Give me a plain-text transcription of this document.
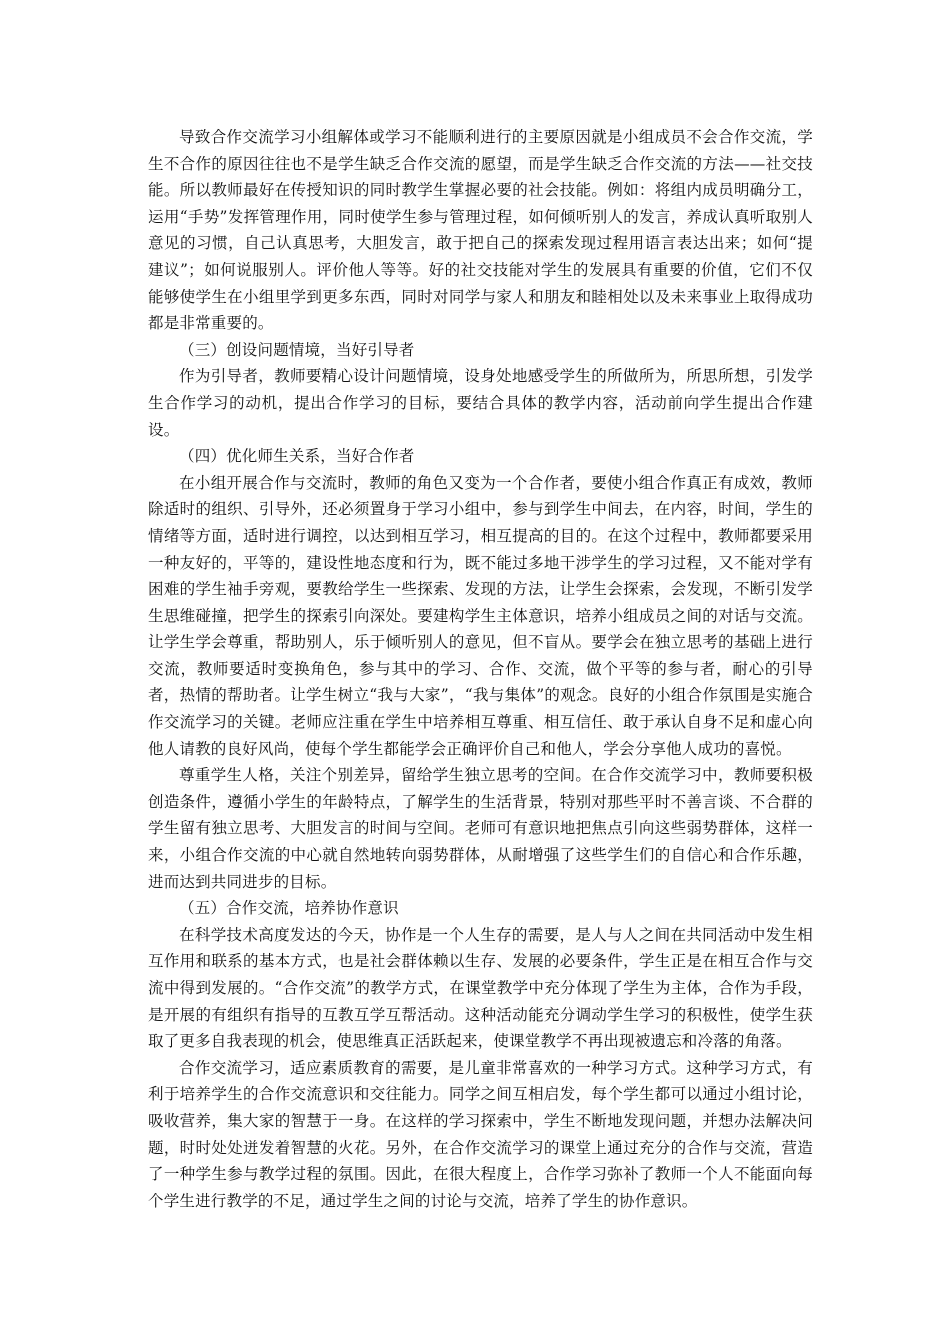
导致合作交流学习小组解体或学习不能顺利进行的主要原因就是小组成员不会合作交流，学生不合作的原因往往也不是学生缺乏合作交流的愿望，而是学生缺乏合作交流的方法——社交技能。所以教师最好在传授知识的同时教学生掌握必要的社会技能。例如：将组内成员明确分工，运用“手势”发挥管理作用，同时使学生参与管理过程，如何倾听别人的发言，养成认真听取别人意见的习惯，自己认真思考，大胆发言，敢于把自己的探索发现过程用语言表达出来；如何“提建议”；如何说服别人。评价他人等等。好的社交技能对学生的发展具有重要的价值，它们不仅能够使学生在小组里学到更多东西，同时对同学与家人和朋友和睦相处以及未来事业上取得成功都是非常重要的。

（三）创设问题情境，当好引导者

作为引导者，教师要精心设计问题情境，设身处地感受学生的所做所为，所思所想，引发学生合作学习的动机，提出合作学习的目标，要结合具体的教学内容，活动前向学生提出合作建设。

（四）优化师生关系，当好合作者

在小组开展合作与交流时，教师的角色又变为一个合作者，要使小组合作真正有成效，教师除适时的组织、引导外，还必须置身于学习小组中，参与到学生中间去，在内容，时间，学生的情绪等方面，适时进行调控，以达到相互学习，相互提高的目的。在这个过程中，教师都要采用一种友好的，平等的，建设性地态度和行为，既不能过多地干涉学生的学习过程，又不能对学有困难的学生袖手旁观，要教给学生一些探索、发现的方法，让学生会探索，会发现，不断引发学生思维碰撞，把学生的探索引向深处。要建构学生主体意识，培养小组成员之间的对话与交流。让学生学会尊重，帮助别人，乐于倾听别人的意见，但不盲从。要学会在独立思考的基础上进行交流，教师要适时变换角色，参与其中的学习、合作、交流，做个平等的参与者，耐心的引导者，热情的帮助者。让学生树立“我与大家”，“我与集体”的观念。良好的小组合作氛围是实施合作交流学习的关键。老师应注重在学生中培养相互尊重、相互信任、敢于承认自身不足和虚心向他人请教的良好风尚，使每个学生都能学会正确评价自己和他人，学会分享他人成功的喜悦。

尊重学生人格，关注个别差异，留给学生独立思考的空间。在合作交流学习中，教师要积极创造条件，遵循小学生的年龄特点，了解学生的生活背景，特别对那些平时不善言谈、不合群的学生留有独立思考、大胆发言的时间与空间。老师可有意识地把焦点引向这些弱势群体，这样一来，小组合作交流的中心就自然地转向弱势群体，从耐增强了这些学生们的自信心和合作乐趣，进而达到共同进步的目标。

（五）合作交流，培养协作意识

在科学技术高度发达的今天，协作是一个人生存的需要，是人与人之间在共同活动中发生相互作用和联系的基本方式，也是社会群体赖以生存、发展的必要条件，学生正是在相互合作与交流中得到发展的。“合作交流”的教学方式，在课堂教学中充分体现了学生为主体，合作为手段，是开展的有组织有指导的互教互学互帮活动。这种活动能充分调动学生学习的积极性，使学生获取了更多自我表现的机会，使思维真正活跃起来，使课堂教学不再出现被遗忘和冷落的角落。

合作交流学习，适应素质教育的需要，是儿童非常喜欢的一种学习方式。这种学习方式，有利于培养学生的合作交流意识和交往能力。同学之间互相启发，每个学生都可以通过小组讨论，吸收营养，集大家的智慧于一身。在这样的学习探索中，学生不断地发现问题，并想办法解决问题，时时处处迸发着智慧的火花。另外，在合作交流学习的课堂上通过充分的合作与交流，营造了一种学生参与教学过程的氛围。因此，在很大程度上，合作学习弥补了教师一个人不能面向每个学生进行教学的不足，通过学生之间的讨论与交流，培养了学生的协作意识。
